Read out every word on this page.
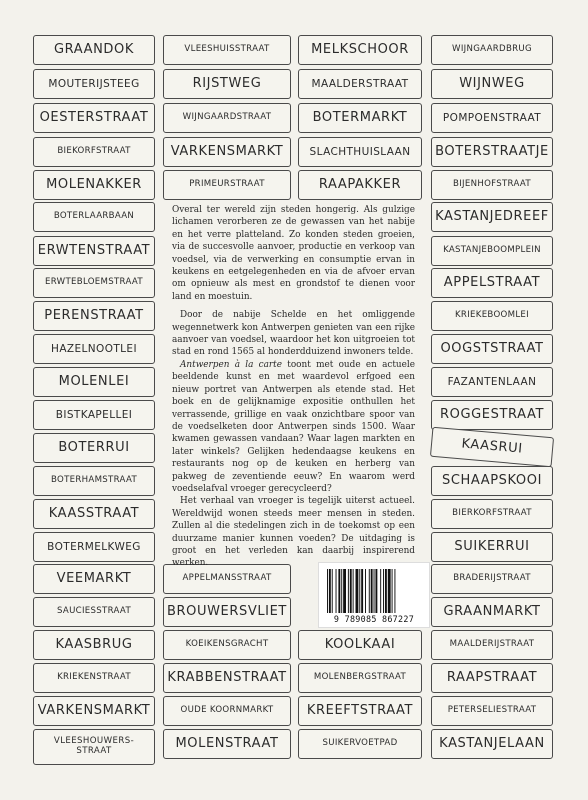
GRAANDOK	VLEESHUISSTRAAT	MELKSCHOOR	WIJNGAARDBRUG
MOUTERIJSTEEG	RIJSTWEG	MAALDERSTRAAT	WIJNWEG
OESTERSTRAAT	WIJNGAARDSTRAAT	BOTERMARKT	POMPOENSTRAAT
BIEKORFSTRAAT	VARKENSMARKT	SLACHTHUISLAAN	BOTERSTRAATJE
MOLENAKKER	PRIMEURSTRAAT	RAAPAKKER	BIJENHOFSTRAAT
BOTERLAARBAAN
ERWTENSTRAAT
ERWTEBLOEMSTRAAT
PERENSTRAAT
HAZELNOOTLEI
MOLENLEI
BISTKAPELLEI
BOTERRUI
BOTERHAMSTRAAT
KAASSTRAAT
BOTERMELKWEG
KASTANJEDREEF
KASTANJEBOOMPLEIN
APPELSTRAAT
KRIEKEBOOMLEI
OOGSTSTRAAT
FAZANTENLAAN
ROGGESTRAAT
KAASRUI
SCHAAPSKOOI
BIERKORFSTRAAT
SUIKERRUI
VEEMARKT	APPELMANSSTRAAT	BRADERIJSTRAAT
SAUCIESSTRAAT	BROUWERSVLIET	GRAANMARKT
KAASBRUG	KOEIKENSGRACHT	KOOLKAAI	MAALDERIJSTRAAT
KRIEKENSTRAAT	KRABBENSTRAAT	MOLENBERGSTRAAT	RAAPSTRAAT
VARKENSMARKT	OUDE KOORNMARKT	KREEFTSTRAAT	PETERSELIESTRAAT
VLEESHOUWERS-STRAAT
MOLENSTRAAT	SUIKERVOETPAD	KASTANJELAAN

Overal ter wereld zijn steden hongerig. Als gulzige lichamen verorberen ze de gewassen van het nabije en het verre platteland. Zo konden steden groeien, via de succesvolle aanvoer, productie en verkoop van voedsel, via de verwerking en consumptie ervan in keukens en eetgelegenheden en via de afvoer ervan om opnieuw als mest en grondstof te dienen voor land en moestuin.

Door de nabije Schelde en het omliggende wegennetwerk kon Antwerpen genieten van een rijke aanvoer van voedsel, waardoor het kon uitgroeien tot stad en rond 1565 al honderdduizend inwoners telde.

Antwerpen à la carte toont met oude en actuele beeldende kunst en met waardevol erfgoed een nieuw portret van Antwerpen als etende stad. Het boek en de gelijknamige expositie onthullen het verrassende, grillige en vaak onzichtbare spoor van de voedselketen door Antwerpen sinds 1500. Waar kwamen gewassen vandaan? Waar lagen markten en later winkels? Gelijken hedendaagse keukens en restaurants nog op de keuken en herberg van pakweg de zeventiende eeuw? En waarom werd voedselafval vroeger gerecycleerd?

Het verhaal van vroeger is tegelijk uiterst actueel. Wereldwijd wonen steeds meer mensen in steden. Zullen al die stedelingen zich in de toekomst op een duurzame manier kunnen voeden? De uitdaging is groot en het verleden kan daarbij inspirerend werken.

9 789085 867227
